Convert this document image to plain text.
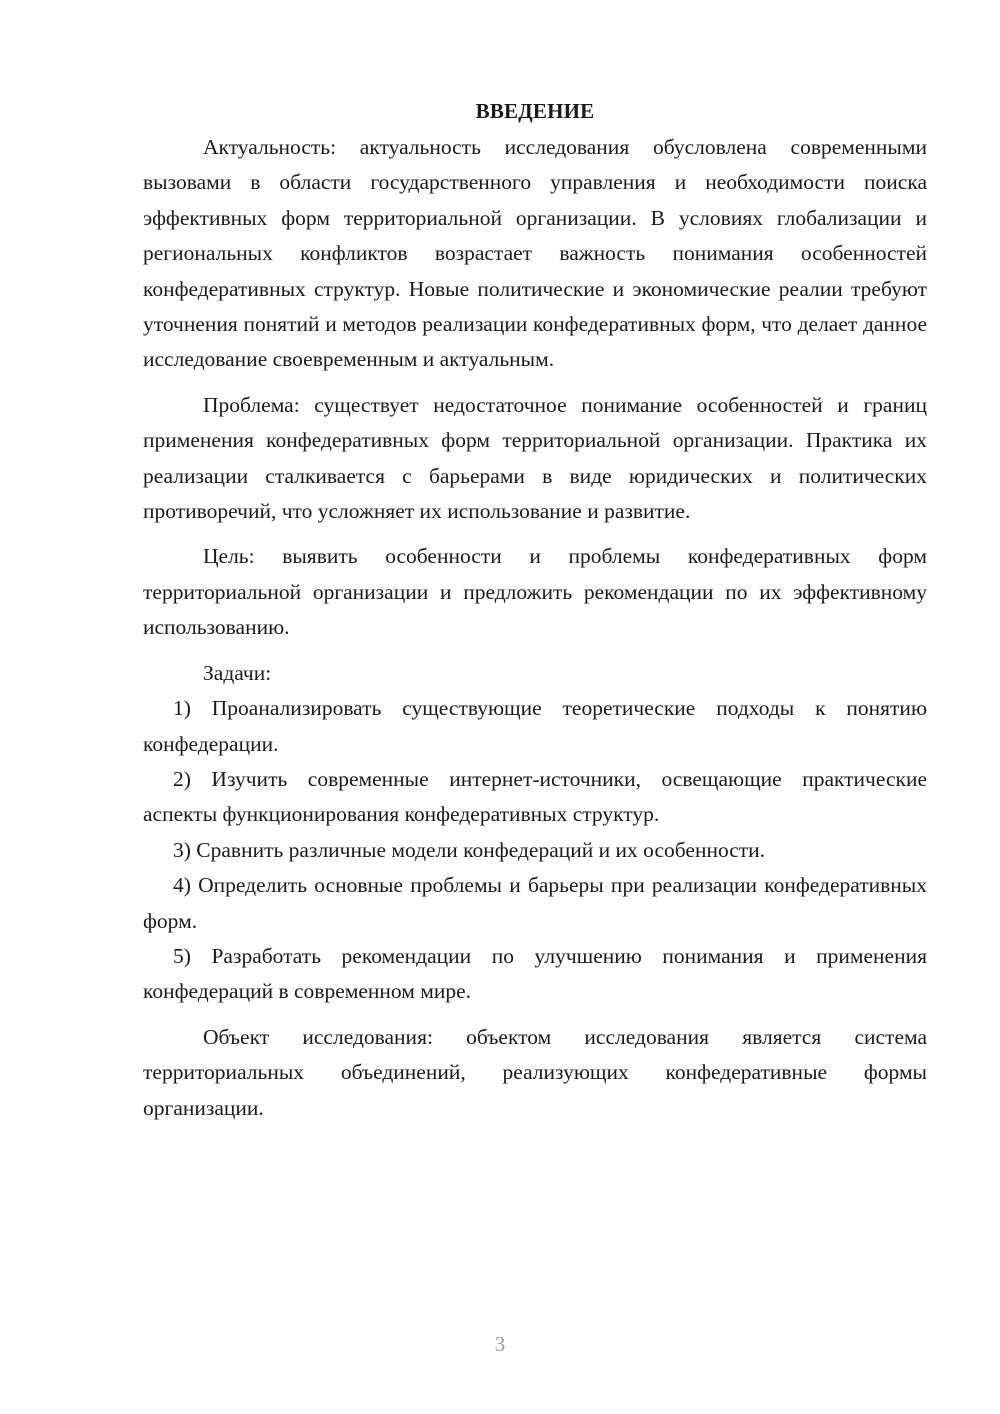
ВВЕДЕНИЕ

Актуальность: актуальность исследования обусловлена современными вызовами в области государственного управления и необходимости поиска эффективных форм территориальной организации. В условиях глобализации и региональных конфликтов возрастает важность понимания особенностей конфедеративных структур. Новые политические и экономические реалии требуют уточнения понятий и методов реализации конфедеративных форм, что делает данное исследование своевременным и актуальным.

Проблема: существует недостаточное понимание особенностей и границ применения конфедеративных форм территориальной организации. Практика их реализации сталкивается с барьерами в виде юридических и политических противоречий, что усложняет их использование и развитие.

Цель: выявить особенности и проблемы конфедеративных форм территориальной организации и предложить рекомендации по их эффективному использованию.

Задачи:

1) Проанализировать существующие теоретические подходы к понятию конфедерации.

2) Изучить современные интернет-источники, освещающие практические аспекты функционирования конфедеративных структур.

3) Сравнить различные модели конфедераций и их особенности.

4) Определить основные проблемы и барьеры при реализации конфедеративных форм.

5) Разработать рекомендации по улучшению понимания и применения конфедераций в современном мире.

Объект исследования: объектом исследования является система территориальных объединений, реализующих конфедеративные формы организации.

3
